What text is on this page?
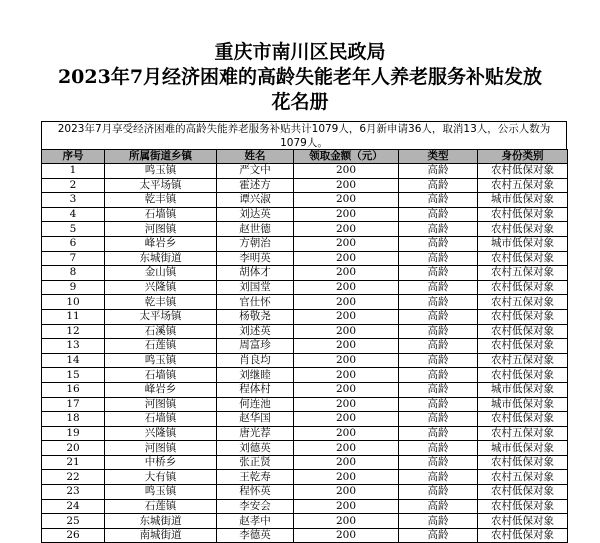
重庆市南川区民政局
2023年7月经济困难的高龄失能老年人养老服务补贴发放
花名册
2023年7月享受经济困难的高龄失能养老服务补贴共计1079人，6月新申请36人，取消13人，公示人数为1079人。
序号	所属街道乡镇	姓名	领取金额（元）	类型	身份类别
1	鸣玉镇	严文中	200	高龄	农村低保对象
2	太平场镇	霍述方	200	高龄	农村五保对象
3	乾丰镇	谭兴淑	200	高龄	城市低保对象
4	石墙镇	刘达英	200	高龄	农村低保对象
5	河图镇	赵世德	200	高龄	农村低保对象
6	峰岩乡	方朝治	200	高龄	城市低保对象
7	东城街道	李明英	200	高龄	农村低保对象
8	金山镇	胡体才	200	高龄	农村五保对象
9	兴隆镇	刘国堂	200	高龄	农村低保对象
10	乾丰镇	官仕怀	200	高龄	农村五保对象
11	太平场镇	杨敬尧	200	高龄	农村低保对象
12	石溪镇	刘述英	200	高龄	农村低保对象
13	石莲镇	周富珍	200	高龄	农村低保对象
14	鸣玉镇	肖良均	200	高龄	农村五保对象
15	石墙镇	刘继睦	200	高龄	农村低保对象
16	峰岩乡	程体村	200	高龄	城市低保对象
17	河图镇	何连池	200	高龄	城市低保对象
18	石墙镇	赵华国	200	高龄	农村低保对象
19	兴隆镇	唐光荐	200	高龄	农村五保对象
20	河图镇	刘德英	200	高龄	城市低保对象
21	中桥乡	张正贤	200	高龄	农村低保对象
22	大有镇	王乾寿	200	高龄	农村五保对象
23	鸣玉镇	程怀英	200	高龄	农村低保对象
24	石莲镇	李安会	200	高龄	农村低保对象
25	东城街道	赵孝中	200	高龄	农村低保对象
26	南城街道	李德英	200	高龄	农村低保对象
